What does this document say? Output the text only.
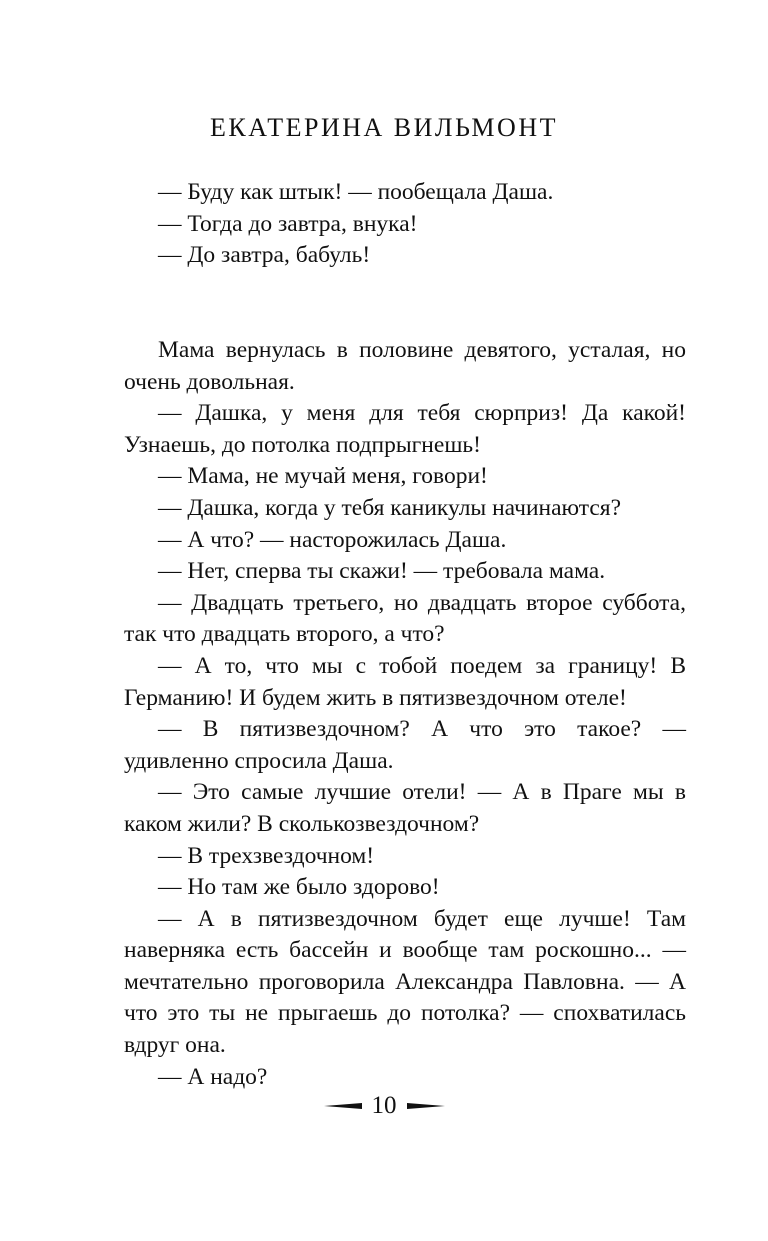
ЕКАТЕРИНА ВИЛЬМОНТ

— Буду как штык! — пообещала Даша.

— Тогда до завтра, внука!

— До завтра, бабуль!

Мама вернулась в половине девятого, усталая, но очень довольная.

— Дашка, у меня для тебя сюрприз! Да какой! Узнаешь, до потолка подпрыгнешь!

— Мама, не мучай меня, говори!

— Дашка, когда у тебя каникулы начинаются?

— А что? — насторожилась Даша.

— Нет, сперва ты скажи! — требовала мама.

— Двадцать третьего, но двадцать второе суббота, так что двадцать второго, а что?

— А то, что мы с тобой поедем за границу! В Германию! И будем жить в пятизвездочном отеле!

— В пятизвездочном? А что это такое? — удивленно спросила Даша.

— Это самые лучшие отели! — А в Праге мы в каком жили? В сколькозвездочном?

— В трехзвездочном!

— Но там же было здорово!

— А в пятизвездочном будет еще лучше! Там наверняка есть бассейн и вообще там роскошно... — мечтательно проговорила Александра Павловна. — А что это ты не прыгаешь до потолка? — спохватилась вдруг она.

— А надо?

10
